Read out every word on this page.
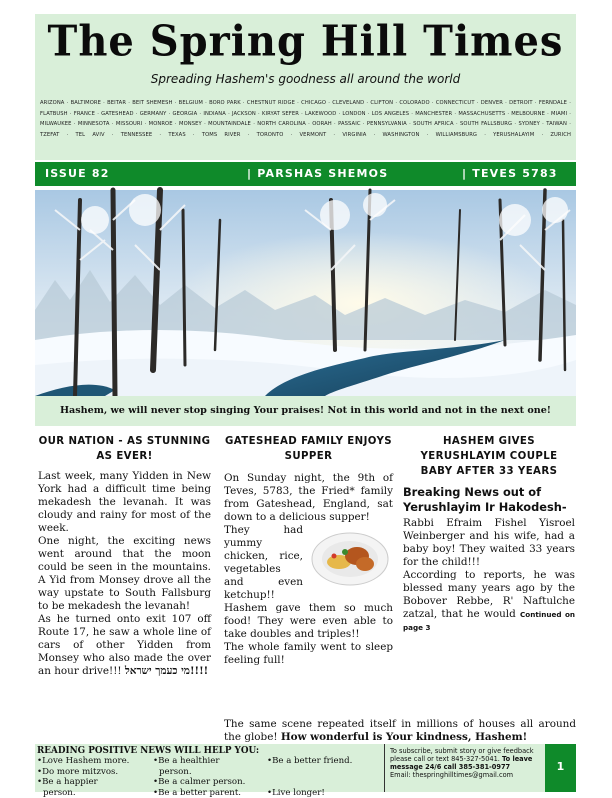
The Spring Hill Times
Spreading Hashem's goodness all around the world
ARIZONA · BALTIMORE · BEITAR · BEIT SHEMESH · BELGIUM · BORO PARK · CHESTNUT RIDGE · CHICAGO · CLEVELAND · CLIFTON · COLORADO · CONNECTICUT · DENVER · DETROIT · FERNDALE · FLATBUSH · FRANCE · GATESHEAD · GERMANY · GEORGIA · INDIANA · JACKSON · KIRYAT SEFER · LAKEWOOD · LONDON · LOS ANGELES · MANCHESTER · MASSACHUSETTS · MELBOURNE · MIAMI · MILWAUKEE · MINNESOTA · MISSOURI · MONROE · MONSEY · MOUNTAINDALE · NORTH CAROLINA · OORAH · PASSAIC · PENNSYLVANIA · SOUTH AFRICA · SOUTH FALLSBURG · SYDNEY · TAIWAN · TZEFAT · TEL AVIV · TENNESSEE · TEXAS · TOMS RIVER · TORONTO · VERMONT · VIRGINIA · WASHINGTON · WILLIAMSBURG · YERUSHALAYIM · ZURICH
ISSUE 82	| PARSHAS SHEMOS	| TEVES 5783
Hashem, we will never stop singing Your praises! Not in this world and not in the next one!
OUR NATION - AS STUNNING AS EVER!

Last week, many Yidden in New York had a difficult time being mekadesh the levanah. It was cloudy and rainy for most of the week.

One night, the exciting news went around that the moon could be seen in the mountains. A Yid from Monsey drove all the way upstate to South Fallsburg to be mekadesh the levanah!

As he turned onto exit 107 off Route 17, he saw a whole line of cars of other Yidden from Monsey who also made the over an hour drive!!! מי כעמך ישראל!!!!

GATESHEAD FAMILY ENJOYS SUPPER

On Sunday night, the 9th of Teves, 5783, the Fried* family from Gateshead, England, sat down to a delicious supper!

They had yummy chicken, rice, vegetables and even ketchup!!

Hashem gave them so much food! They were even able to take doubles and triples!!

The whole family went to sleep feeling full!

HASHEM GIVES YERUSHLAYIM COUPLE BABY AFTER 33 YEARS
Breaking News out of Yerushlayim Ir Hakodesh-

Rabbi Efraim Fishel Yisroel Weinberger and his wife, had a baby boy! They waited 33 years for the child!!!

According to reports, he was blessed many years ago by the Bobover Rebbe, R' Naftulche zatzal, that he would Continued on page 3

The same scene repeated itself in millions of houses all around the globe! How wonderful is Your kindness, Hashem!
READING POSITIVE NEWS WILL HELP YOU:
•Love Hashem more.
•Do more mitzvos.
•Be a happier
person.
•Be a healthier
person.
•Be a calmer person.
•Be a better parent.
•Be a better friend.
•Live longer!
To subscribe, submit story or give feedback please call or text 845-327-5041. To leave message 24/6 call 385-381-0977
Email: thespringhilltimes@gmail.com
1
